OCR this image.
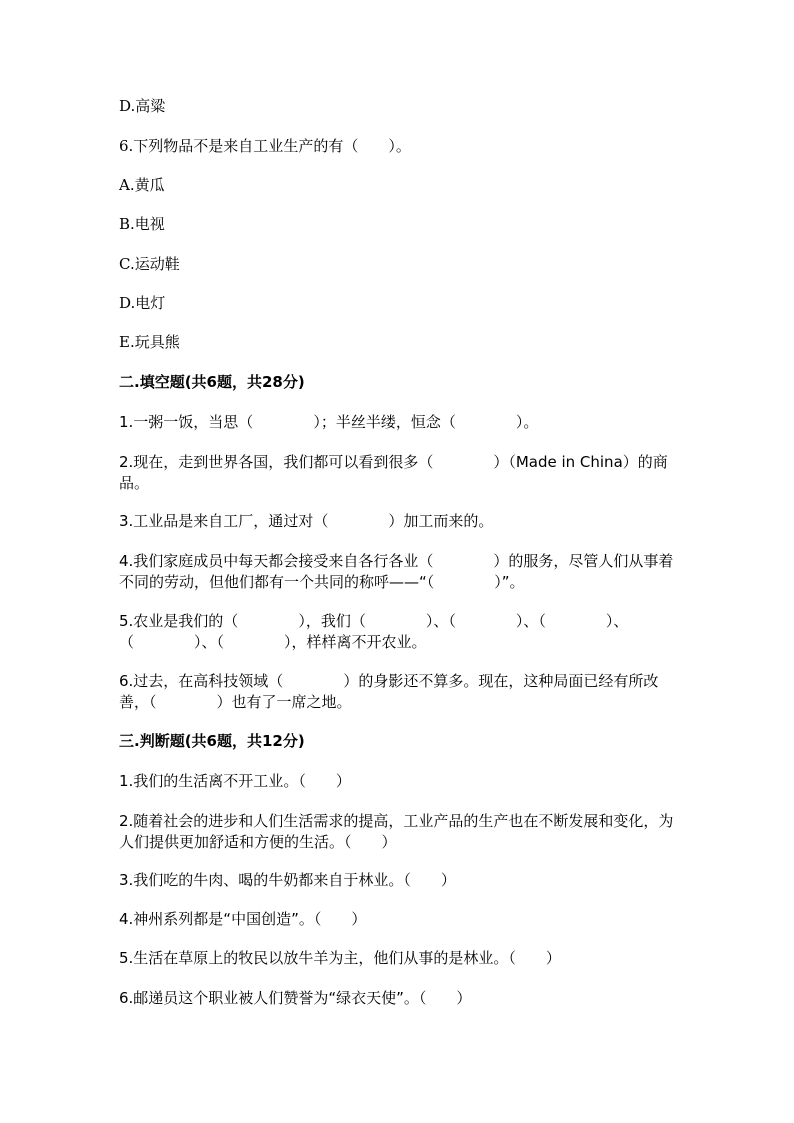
D.高粱

6.下列物品不是来自工业生产的有（　　）。

A.黄瓜

B.电视

C.运动鞋

D.电灯

E.玩具熊

二.填空题(共6题，共28分)

1.一粥一饭，当思（　　　　）；半丝半缕，恒念（　　　　）。

2.现在，走到世界各国，我们都可以看到很多（　　　　）（Made in China）的商品。

3.工业品是来自工厂，通过对（　　　　）加工而来的。

4.我们家庭成员中每天都会接受来自各行各业（　　　　）的服务，尽管人们从事着不同的劳动，但他们都有一个共同的称呼——“（　　　　）”。

5.农业是我们的（　　　　），我们（　　　　）、（　　　　）、（　　　　）、（　　　　）、（　　　　），样样离不开农业。

6.过去，在高科技领域（　　　　）的身影还不算多。现在，这种局面已经有所改善，（　　　　）也有了一席之地。

三.判断题(共6题，共12分)

1.我们的生活离不开工业。（　　）

2.随着社会的进步和人们生活需求的提高，工业产品的生产也在不断发展和变化，为人们提供更加舒适和方便的生活。（　　）

3.我们吃的牛肉、喝的牛奶都来自于林业。（　　）

4.神州系列都是“中国创造”。（　　）

5.生活在草原上的牧民以放牛羊为主，他们从事的是林业。（　　）

6.邮递员这个职业被人们赞誉为“绿衣天使”。（　　）
